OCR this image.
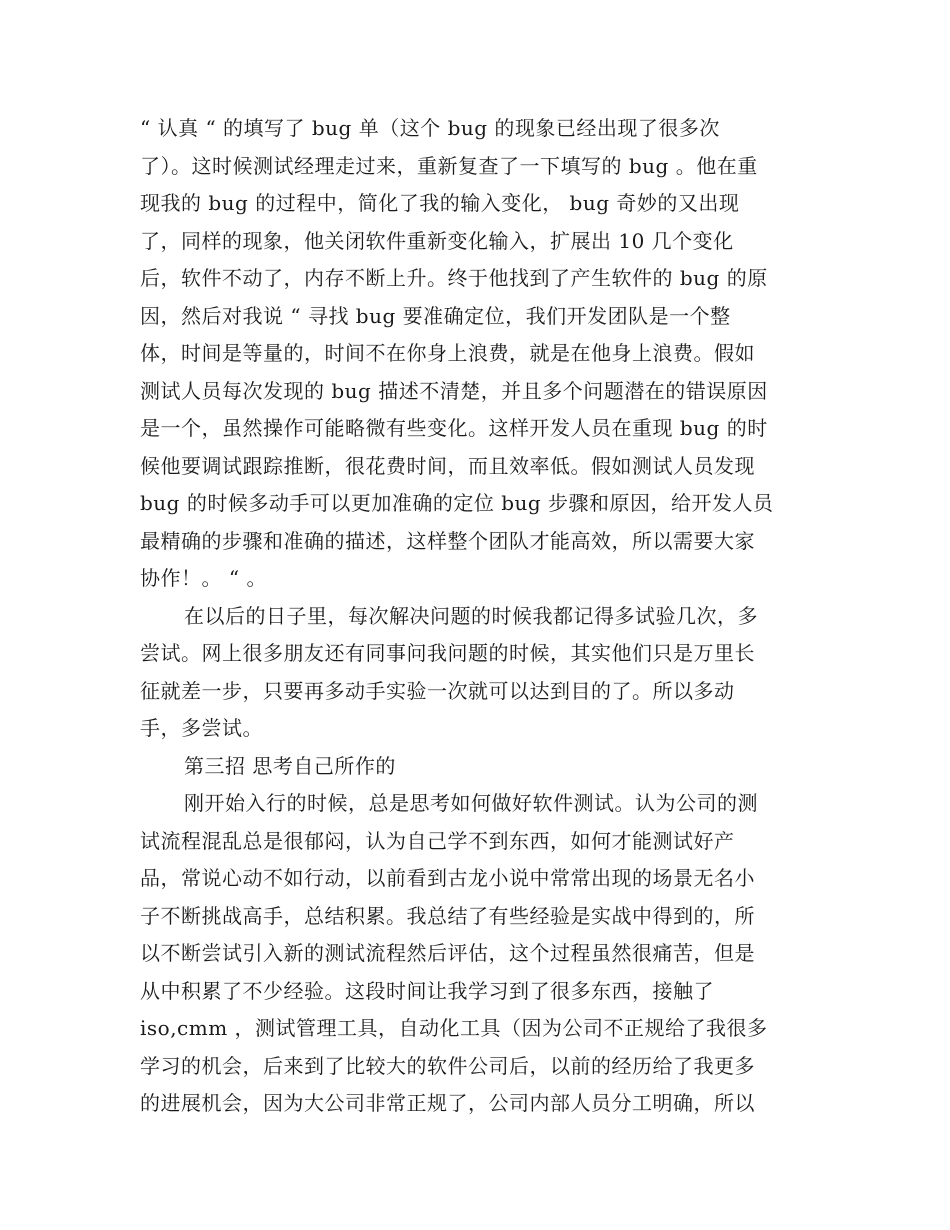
“ 认真 “ 的填写了 bug 单（这个 bug 的现象已经出现了很多次
了）。这时候测试经理走过来，重新复查了一下填写的 bug 。他在重
现我的 bug 的过程中，简化了我的输入变化， bug 奇妙的又出现
了，同样的现象，他关闭软件重新变化输入，扩展出 10 几个变化
后，软件不动了，内存不断上升。终于他找到了产生软件的 bug 的原
因，然后对我说 “ 寻找 bug 要准确定位，我们开发团队是一个整
体，时间是等量的，时间不在你身上浪费，就是在他身上浪费。假如
测试人员每次发现的 bug 描述不清楚，并且多个问题潜在的错误原因
是一个，虽然操作可能略微有些变化。这样开发人员在重现 bug 的时
候他要调试跟踪推断，很花费时间，而且效率低。假如测试人员发现
bug 的时候多动手可以更加准确的定位 bug 步骤和原因，给开发人员
最精确的步骤和准确的描述，这样整个团队才能高效，所以需要大家
协作！。 “ 。
在以后的日子里，每次解决问题的时候我都记得多试验几次，多
尝试。网上很多朋友还有同事问我问题的时候，其实他们只是万里长
征就差一步，只要再多动手实验一次就可以达到目的了。所以多动
手，多尝试。
第三招 思考自己所作的
刚开始入行的时候，总是思考如何做好软件测试。认为公司的测
试流程混乱总是很郁闷，认为自己学不到东西，如何才能测试好产
品，常说心动不如行动，以前看到古龙小说中常常出现的场景无名小
子不断挑战高手，总结积累。我总结了有些经验是实战中得到的，所
以不断尝试引入新的测试流程然后评估，这个过程虽然很痛苦，但是
从中积累了不少经验。这段时间让我学习到了很多东西，接触了
iso,cmm ，测试管理工具，自动化工具（因为公司不正规给了我很多
学习的机会，后来到了比较大的软件公司后，以前的经历给了我更多
的进展机会，因为大公司非常正规了，公司内部人员分工明确，所以
